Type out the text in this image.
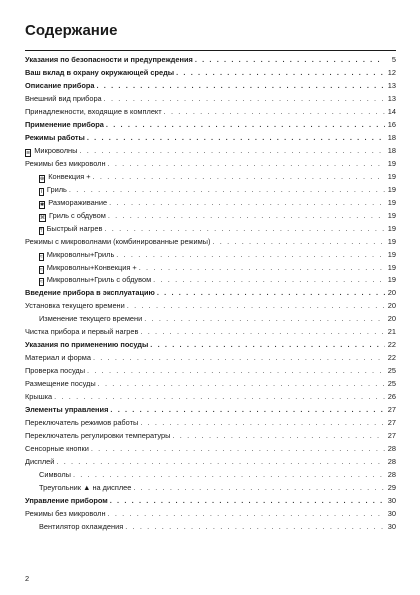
Содержание
Указания по безопасности и предупреждения . . .	5
Ваш вклад в охрану окружающей среды . . .	12
Описание прибора . . .	13
Внешний вид прибора . . .	13
Принадлежности, входящие в комплект . . .	14
Применение прибора . . .	16
Режимы работы . . .	18
≋ Микроволны . . .	18
Режимы без микроволн . . .	19
⊕ Конвекция + . . .	19
⌇ Гриль . . .	19
✱ Размораживание . . .	19
⌘ Гриль с обдувом . . .	19
⤒ Быстрый нагрев . . .	19
Режимы с микроволнами (комбинированные режимы) . . .	19
≈ Микроволны+Гриль . . .	19
≈ Микроволны+Конвекция + . . .	19
≈ Микроволны+Гриль с обдувом . . .	19
Введение прибора в эксплуатацию . . .	20
Установка текущего времени . . .	20
Изменение текущего времени . . .	20
Чистка прибора и первый нагрев . . .	21
Указания по применению посуды . . .	22
Материал и форма . . .	22
Проверка посуды . . .	25
Размещение посуды . . .	25
Крышка . . .	26
Элементы управления . . .	27
Переключатель режимов работы . . .	27
Переключатель регулировки температуры . . .	27
Сенсорные кнопки . . .	28
Дисплей . . .	28
Символы . . .	28
Треугольник ▲ на дисплее . . .	29
Управление прибором . . .	30
Режимы без микроволн . . .	30
Вентилятор охлаждения . . .	30
2
